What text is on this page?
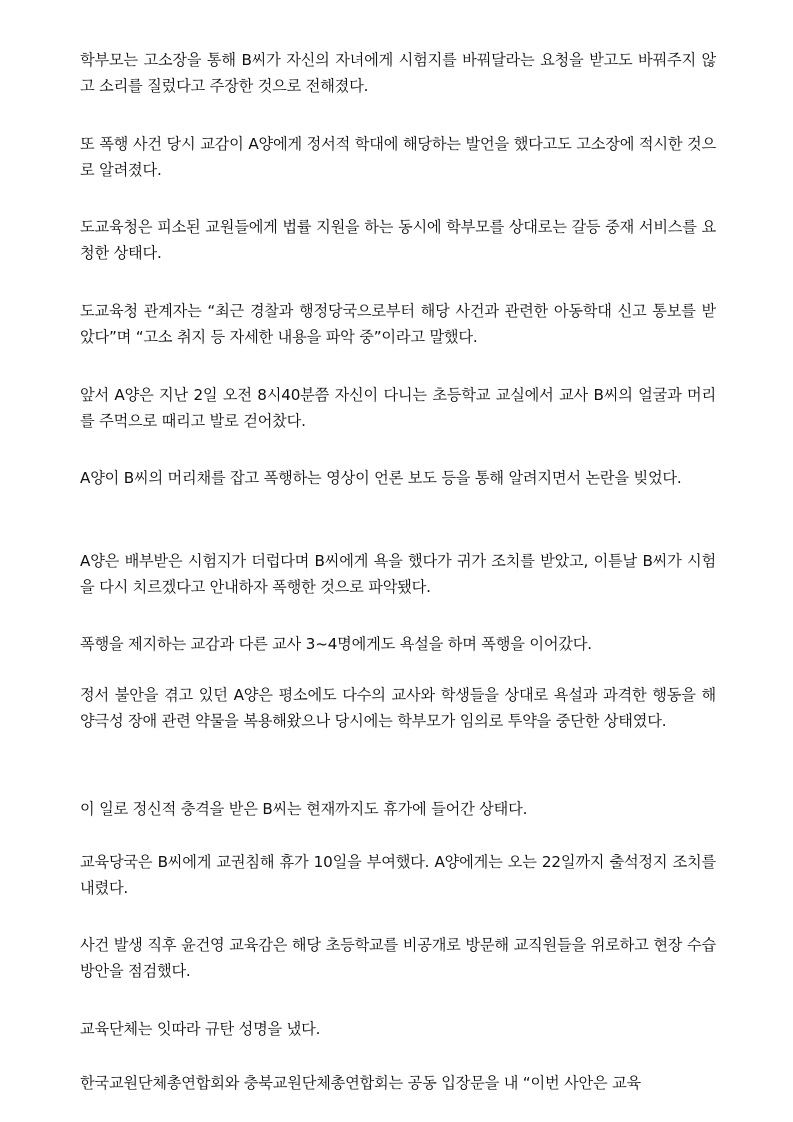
학부모는 고소장을 통해 B씨가 자신의 자녀에게 시험지를 바꿔달라는 요청을 받고도 바꿔주지 않고 소리를 질렀다고 주장한 것으로 전해졌다.

또 폭행 사건 당시 교감이 A양에게 정서적 학대에 해당하는 발언을 했다고도 고소장에 적시한 것으로 알려졌다.

도교육청은 피소된 교원들에게 법률 지원을 하는 동시에 학부모를 상대로는 갈등 중재 서비스를 요청한 상태다.

도교육청 관계자는 “최근 경찰과 행정당국으로부터 해당 사건과 관련한 아동학대 신고 통보를 받았다”며 “고소 취지 등 자세한 내용을 파악 중”이라고 말했다.

앞서 A양은 지난 2일 오전 8시40분쯤 자신이 다니는 초등학교 교실에서 교사 B씨의 얼굴과 머리를 주먹으로 때리고 발로 걷어찼다.

A양이 B씨의 머리채를 잡고 폭행하는 영상이 언론 보도 등을 통해 알려지면서 논란을 빚었다.

A양은 배부받은 시험지가 더럽다며 B씨에게 욕을 했다가 귀가 조치를 받았고, 이튿날 B씨가 시험을 다시 치르겠다고 안내하자 폭행한 것으로 파악됐다.

폭행을 제지하는 교감과 다른 교사 3~4명에게도 욕설을 하며 폭행을 이어갔다.

정서 불안을 겪고 있던 A양은 평소에도 다수의 교사와 학생들을 상대로 욕설과 과격한 행동을 해 양극성 장애 관련 약물을 복용해왔으나 당시에는 학부모가 임의로 투약을 중단한 상태였다.

이 일로 정신적 충격을 받은 B씨는 현재까지도 휴가에 들어간 상태다.

교육당국은 B씨에게 교권침해 휴가 10일을 부여했다. A양에게는 오는 22일까지 출석정지 조치를 내렸다.

사건 발생 직후 윤건영 교육감은 해당 초등학교를 비공개로 방문해 교직원들을 위로하고 현장 수습 방안을 점검했다.

교육단체는 잇따라 규탄 성명을 냈다.

한국교원단체총연합회와 충북교원단체총연합회는 공동 입장문을 내 “이번 사안은 교육
